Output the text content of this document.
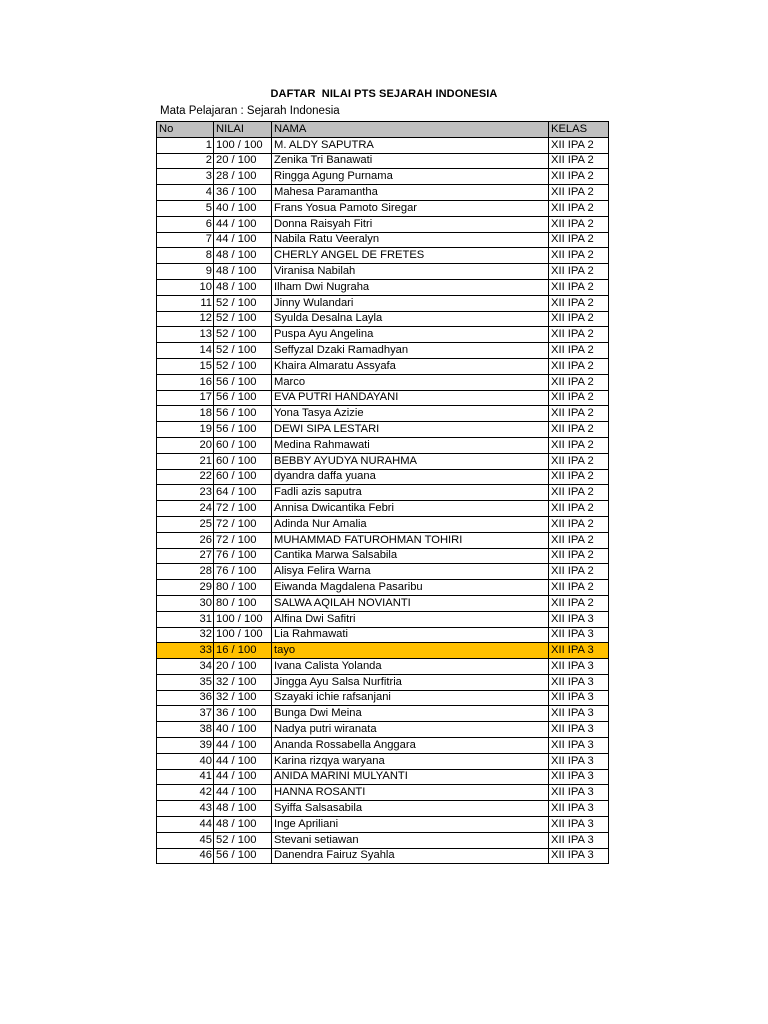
DAFTAR  NILAI PTS SEJARAH INDONESIA
Mata Pelajaran : Sejarah Indonesia
No	NILAI	NAMA	KELAS
1	100 / 100	M. ALDY SAPUTRA	XII IPA 2
2	20 / 100	Zenika Tri Banawati	XII IPA 2
3	28 / 100	Ringga Agung Purnama	XII IPA 2
4	36 / 100	Mahesa Paramantha	XII IPA 2
5	40 / 100	Frans Yosua Pamoto Siregar	XII IPA 2
6	44 / 100	Donna Raisyah Fitri	XII IPA 2
7	44 / 100	Nabila Ratu Veeralyn	XII IPA 2
8	48 / 100	CHERLY ANGEL DE FRETES	XII IPA 2
9	48 / 100	Viranisa Nabilah	XII IPA 2
10	48 / 100	Ilham Dwi Nugraha	XII IPA 2
11	52 / 100	Jinny Wulandari	XII IPA 2
12	52 / 100	Syulda Desalna Layla	XII IPA 2
13	52 / 100	Puspa Ayu Angelina	XII IPA 2
14	52 / 100	Seffyzal Dzaki Ramadhyan	XII IPA 2
15	52 / 100	Khaira Almaratu Assyafa	XII IPA 2
16	56 / 100	Marco	XII IPA 2
17	56 / 100	EVA PUTRI HANDAYANI	XII IPA 2
18	56 / 100	Yona Tasya Azizie	XII IPA 2
19	56 / 100	DEWI SIPA LESTARI	XII IPA 2
20	60 / 100	Medina Rahmawati	XII IPA 2
21	60 / 100	BEBBY AYUDYA NURAHMA	XII IPA 2
22	60 / 100	dyandra daffa yuana	XII IPA 2
23	64 / 100	Fadli azis saputra	XII IPA 2
24	72 / 100	Annisa Dwicantika Febri	XII IPA 2
25	72 / 100	Adinda Nur Amalia	XII IPA 2
26	72 / 100	MUHAMMAD FATUROHMAN TOHIRI	XII IPA 2
27	76 / 100	Cantika Marwa Salsabila	XII IPA 2
28	76 / 100	Alisya Felira Warna	XII IPA 2
29	80 / 100	Eiwanda Magdalena Pasaribu	XII IPA 2
30	80 / 100	SALWA AQILAH NOVIANTI	XII IPA 2
31	100 / 100	Alfina Dwi Safitri	XII IPA 3
32	100 / 100	Lia Rahmawati	XII IPA 3
33	16 / 100	tayo	XII IPA 3
34	20 / 100	Ivana Calista Yolanda	XII IPA 3
35	32 / 100	Jingga Ayu Salsa Nurfitria	XII IPA 3
36	32 / 100	Szayaki ichie rafsanjani	XII IPA 3
37	36 / 100	Bunga Dwi Meina	XII IPA 3
38	40 / 100	Nadya putri wiranata	XII IPA 3
39	44 / 100	Ananda Rossabella Anggara	XII IPA 3
40	44 / 100	Karina rizqya waryana	XII IPA 3
41	44 / 100	ANIDA MARINI MULYANTI	XII IPA 3
42	44 / 100	HANNA ROSANTI	XII IPA 3
43	48 / 100	Syiffa Salsasabila	XII IPA 3
44	48 / 100	Inge Apriliani	XII IPA 3
45	52 / 100	Stevani setiawan	XII IPA 3
46	56 / 100	Danendra Fairuz Syahla	XII IPA 3
